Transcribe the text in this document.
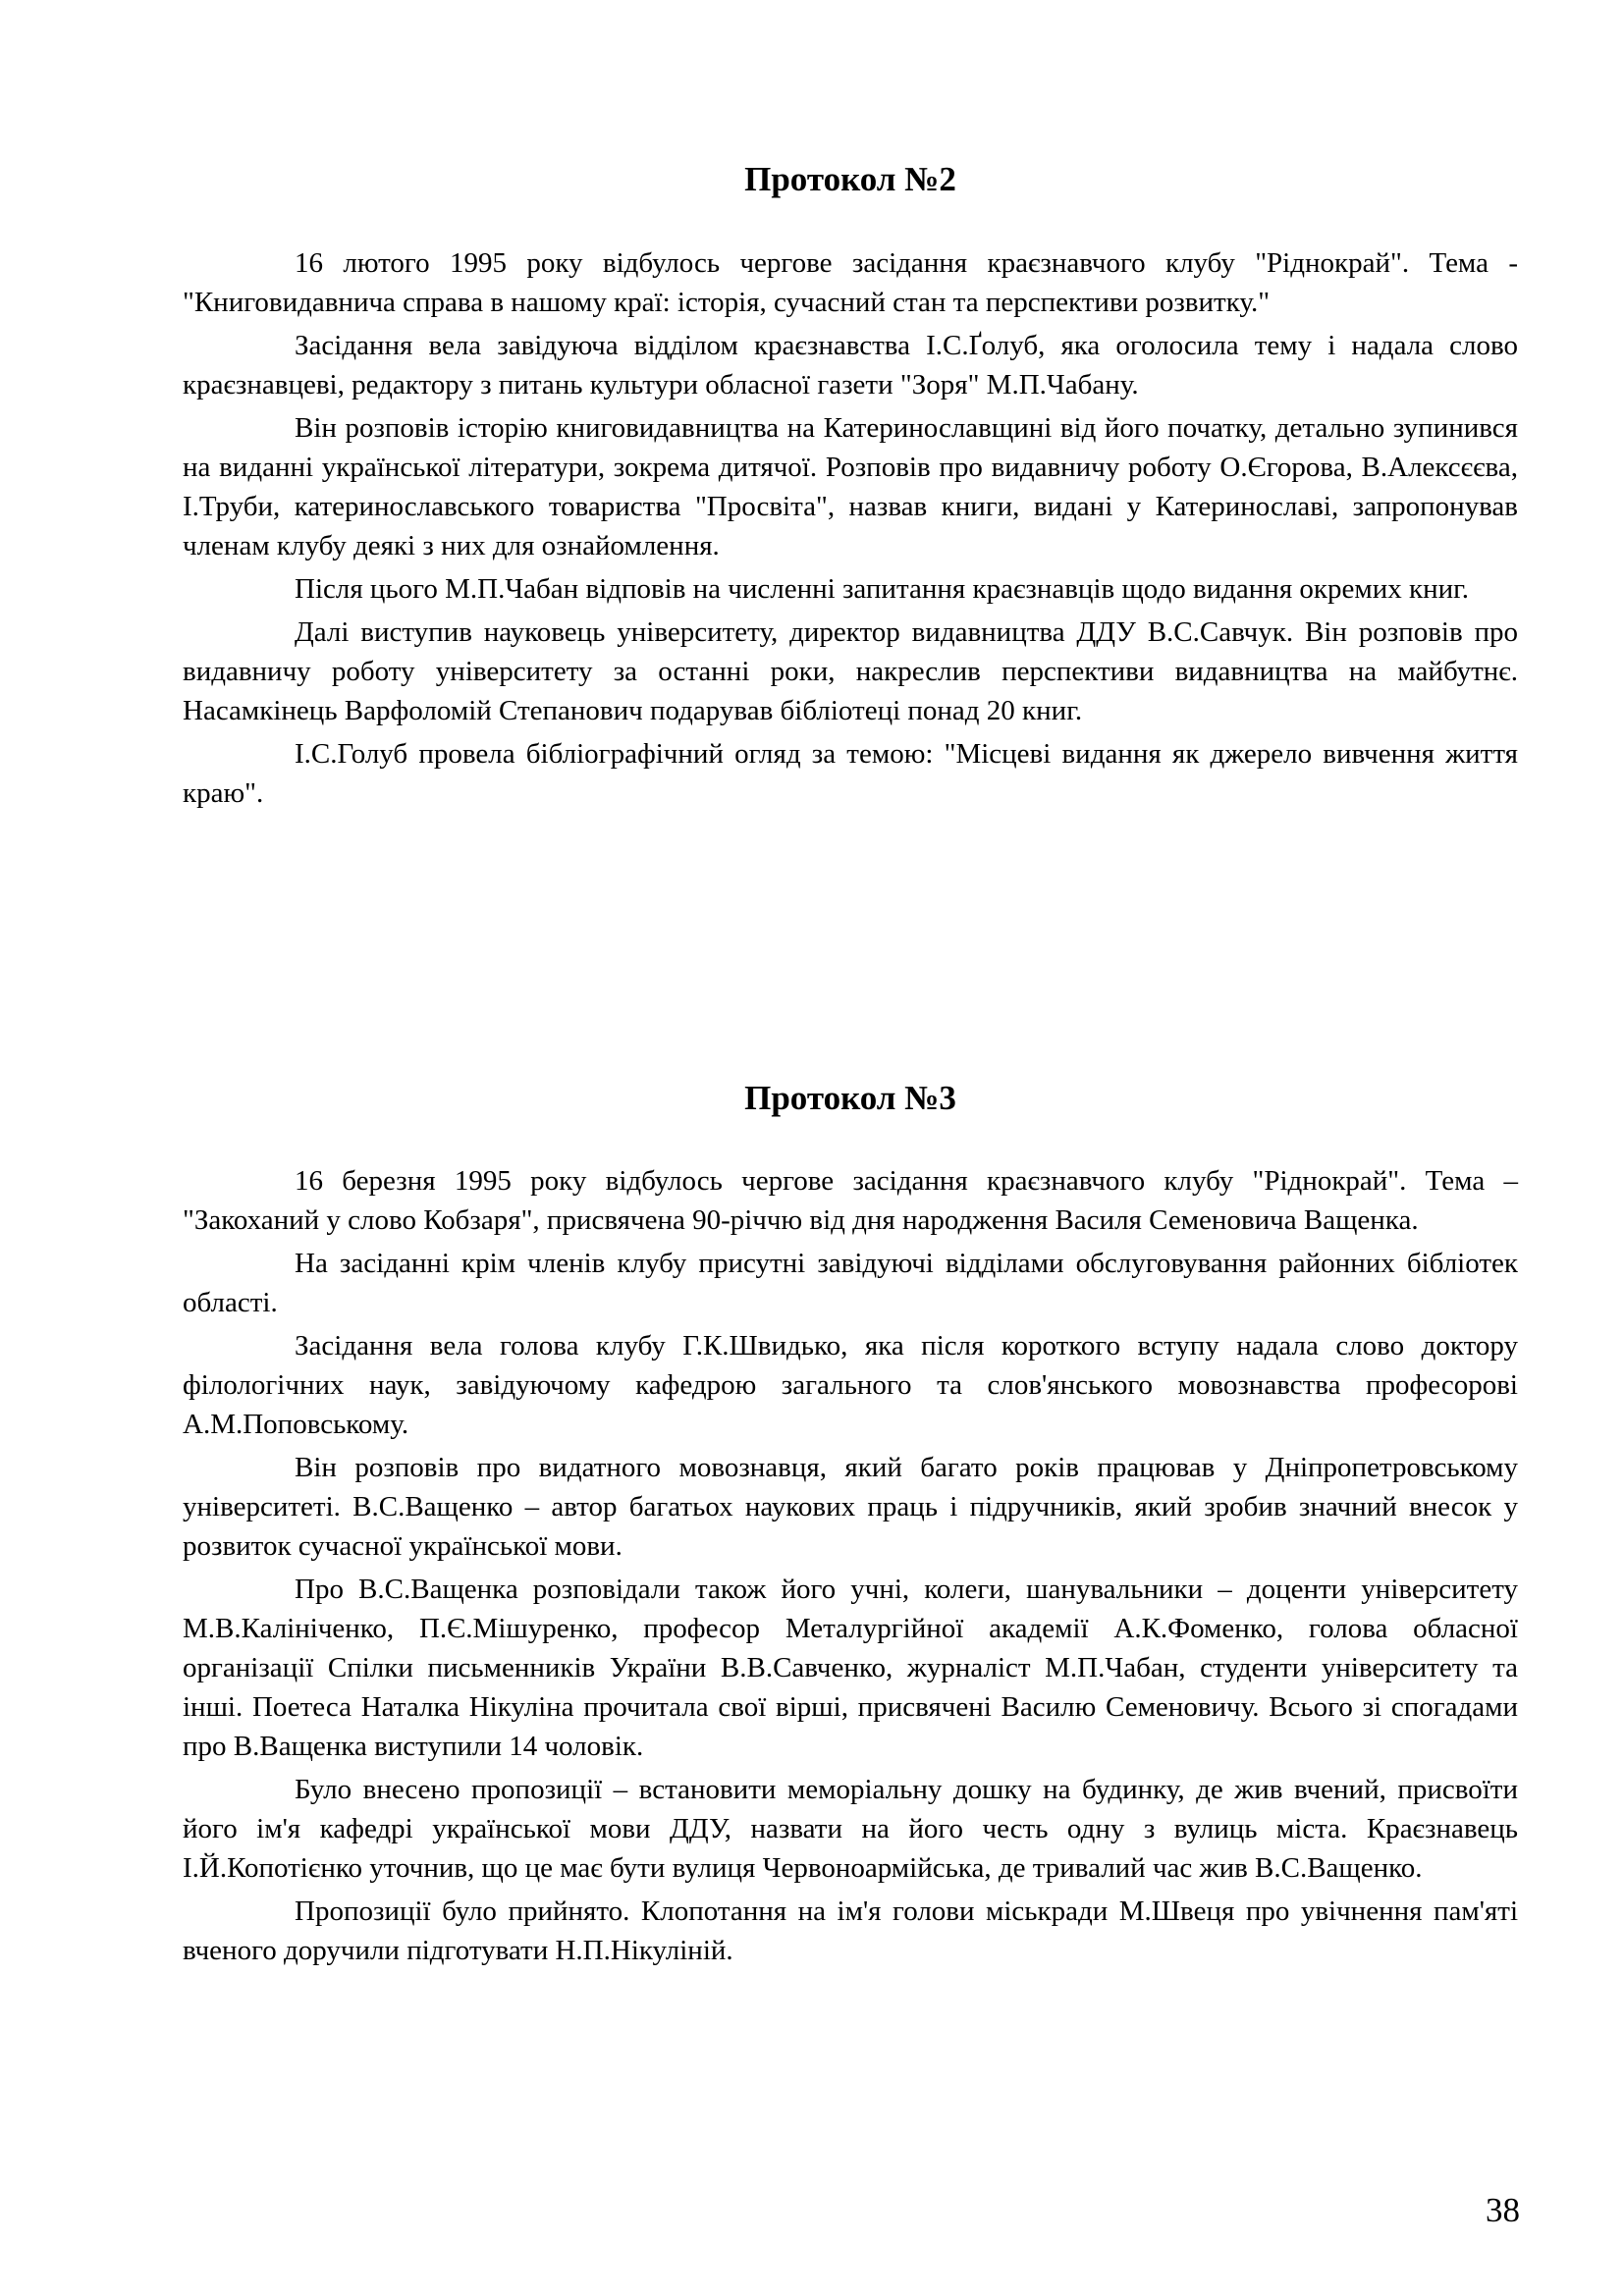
Протокол №2

16 лютого 1995 року відбулось чергове засідання краєзнавчого клубу "Ріднокрай". Тема - "Книговидавнича справа в нашому краї: історія, сучасний стан та перспективи розвитку."

Засідання вела завідуюча відділом краєзнавства І.С.Ґолуб, яка оголосила тему і надала слово краєзнавцеві, редактору з питань культури обласної газети "Зоря" М.П.Чабану.

Він розповів історію книговидавництва на Катеринославщині від його початку, детально зупинився на виданні української літератури, зокрема дитячої. Розповів про видавничу роботу О.Єгорова, В.Алексєєва, І.Труби, катеринославського товариства "Просвіта", назвав книги, видані у Катеринославі, запропонував членам клубу деякі з них для ознайомлення.

Після цього М.П.Чабан відповів на численні запитання краєзнавців щодо видання окремих книг.

Далі виступив науковець університету, директор видавництва ДДУ В.С.Савчук. Він розповів про видавничу роботу університету за останні роки, накреслив перспективи видавництва на майбутнє. Насамкінець Варфоломій Степанович подарував бібліотеці понад 20 книг.

І.С.Голуб провела бібліографічний огляд за темою: "Місцеві видання як джерело вивчення життя краю".

Протокол №3

16 березня 1995 року відбулось чергове засідання краєзнавчого клубу "Ріднокрай". Тема – "Закоханий у слово Кобзаря", присвячена 90-річчю від дня народження Василя Семеновича Ващенка.

На засіданні крім членів клубу присутні завідуючі відділами обслуговування районних бібліотек області.

Засідання вела голова клубу Г.К.Швидько, яка після короткого вступу надала слово доктору філологічних наук, завідуючому кафедрою загального та слов'янського мовознавства професорові А.М.Поповському.

Він розповів про видатного мовознавця, який багато років працював у Дніпропетровському університеті. В.С.Ващенко – автор багатьох наукових праць і підручників, який зробив значний внесок у розвиток сучасної української мови.

Про В.С.Ващенка розповідали також його учні, колеги, шанувальники – доценти університету М.В.Калініченко, П.Є.Мішуренко, професор Металургійної академії А.К.Фоменко, голова обласної організації Спілки письменників України В.В.Савченко, журналіст М.П.Чабан, студенти університету та інші. Поетеса Наталка Нікуліна прочитала свої вірші, присвячені Василю Семеновичу. Всього зі спогадами про В.Ващенка виступили 14 чоловік.

Було внесено пропозиції – встановити меморіальну дошку на будинку, де жив вчений, присвоїти його ім'я кафедрі української мови ДДУ, назвати на його честь одну з вулиць міста. Краєзнавець І.Й.Копотієнко уточнив, що це має бути вулиця Червоноармійська, де тривалий час жив В.С.Ващенко.

Пропозиції було прийнято. Клопотання на ім'я голови міськради М.Швеця про увічнення пам'яті вченого доручили підготувати Н.П.Нікуліній.

38
